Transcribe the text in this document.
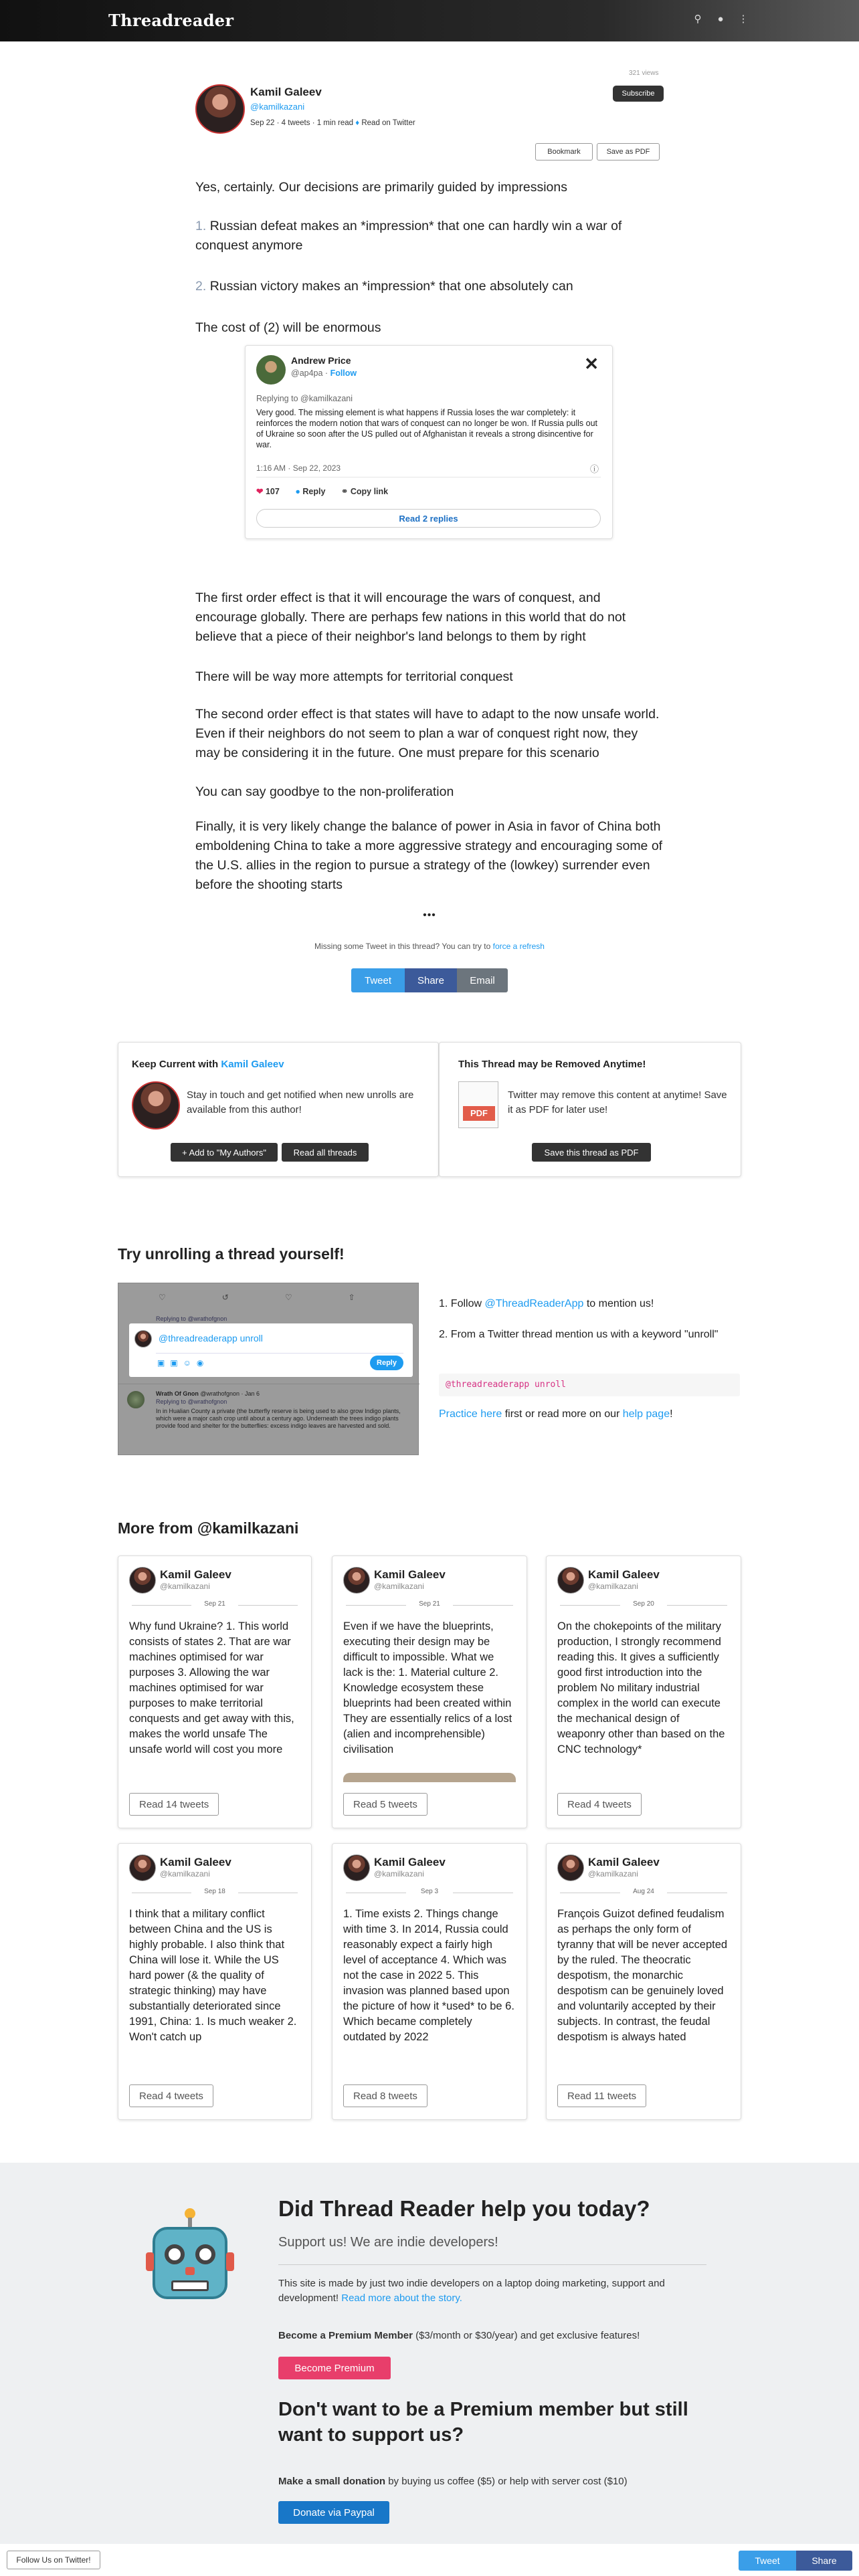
Threadreader	⚲ ● ⋮
Kamil Galeev
@kamilkazani
Sep 22 · 4 tweets · 1 min read ♦ Read on Twitter
321 views
Subscribe
Bookmark	Save as PDF
Yes, certainly. Our decisions are primarily guided by impressions
1. Russian defeat makes an *impression* that one can hardly win a war of conquest anymore
2. Russian victory makes an *impression* that one absolutely can
The cost of (2) will be enormous
Andrew Price
@ap4pa · Follow	✕
Replying to @kamilkazani
Very good. The missing element is what happens if Russia loses the war completely: it reinforces the modern notion that wars of conquest can no longer be won. If Russia pulls out of Ukraine so soon after the US pulled out of Afghanistan it reveals a strong disincentive for war.
1:16 AM · Sep 22, 2023	ⓘ
❤ 107 ● Reply ⚭ Copy link
Read 2 replies
The first order effect is that it will encourage the wars of conquest, and encourage globally. There are perhaps few nations in this world that do not believe that a piece of their neighbor's land belongs to them by right
There will be way more attempts for territorial conquest
The second order effect is that states will have to adapt to the now unsafe world. Even if their neighbors do not seem to plan a war of conquest right now, they may be considering it in the future. One must prepare for this scenario
You can say goodbye to the non-proliferation
Finally, it is very likely change the balance of power in Asia in favor of China both emboldening China to take a more aggressive strategy and encouraging some of the U.S. allies in the region to pursue a strategy of the (lowkey) surrender even before the shooting starts
•••
Missing some Tweet in this thread? You can try to force a refresh
Tweet	Share	Email
Keep Current with Kamil Galeev
Stay in touch and get notified when new unrolls are available from this author!
+ Add to "My Authors"	Read all threads
This Thread may be Removed Anytime!
PDF
Twitter may remove this content at anytime! Save it as PDF for later use!
Save this thread as PDF
Try unrolling a thread yourself!
♡↺♡⇧
Replying to @wrathofgnon
@threadreaderapp unroll
▣▣☺◉	Reply
Wrath Of Gnon @wrathofgnon · Jan 6
Replying to @wrathofgnon
In in Hualian County a private (the butterfly reserve is being used to also grow Indigo plants, which were a major cash crop until about a century ago. Underneath the trees indigo plants provide food and shelter for the butterflies: excess indigo leaves are harvested and sold.
1. Follow @ThreadReaderApp to mention us!
2. From a Twitter thread mention us with a keyword "unroll"
@threadreaderapp unroll
Practice here first or read more on our help page!
More from @kamilkazani
Kamil Galeev
@kamilkazani
Sep 21
Why fund Ukraine? 1. This world consists of states 2. That are war machines optimised for war purposes 3. Allowing the war machines optimised for war purposes to make territorial conquests and get away with this, makes the world unsafe The unsafe world will cost you more
Read 14 tweets
Kamil Galeev
@kamilkazani
Sep 21
Even if we have the blueprints, executing their design may be difficult to impossible. What we lack is the: 1. Material culture 2. Knowledge ecosystem these blueprints had been created within They are essentially relics of a lost (alien and incomprehensible) civilisation
Read 5 tweets
Kamil Galeev
@kamilkazani
Sep 20
On the chokepoints of the military production, I strongly recommend reading this. It gives a sufficiently good first introduction into the problem No military industrial complex in the world can execute the mechanical design of weaponry other than based on the CNC technology*
Read 4 tweets
Kamil Galeev
@kamilkazani
Sep 18
I think that a military conflict between China and the US is highly probable. I also think that China will lose it. While the US hard power (& the quality of strategic thinking) may have substantially deteriorated since 1991, China: 1. Is much weaker 2. Won't catch up
Read 4 tweets
Kamil Galeev
@kamilkazani
Sep 3
1. Time exists 2. Things change with time 3. In 2014, Russia could reasonably expect a fairly high level of acceptance 4. Which was not the case in 2022 5. This invasion was planned based upon the picture of how it *used* to be 6. Which became completely outdated by 2022
Read 8 tweets
Kamil Galeev
@kamilkazani
Aug 24
François Guizot defined feudalism as perhaps the only form of tyranny that will be never accepted by the ruled. The theocratic despotism, the monarchic despotism can be genuinely loved and voluntarily accepted by their subjects. In contrast, the feudal despotism is always hated
Read 11 tweets
Did Thread Reader help you today?
Support us! We are indie developers!
This site is made by just two indie developers on a laptop doing marketing, support and development! Read more about the story.
Become a Premium Member ($3/month or $30/year) and get exclusive features!
Become Premium
Don't want to be a Premium member but still want to support us?
Make a small donation by buying us coffee ($5) or help with server cost ($10)
Donate via Paypal
Follow Us on Twitter!	Tweet	Share
